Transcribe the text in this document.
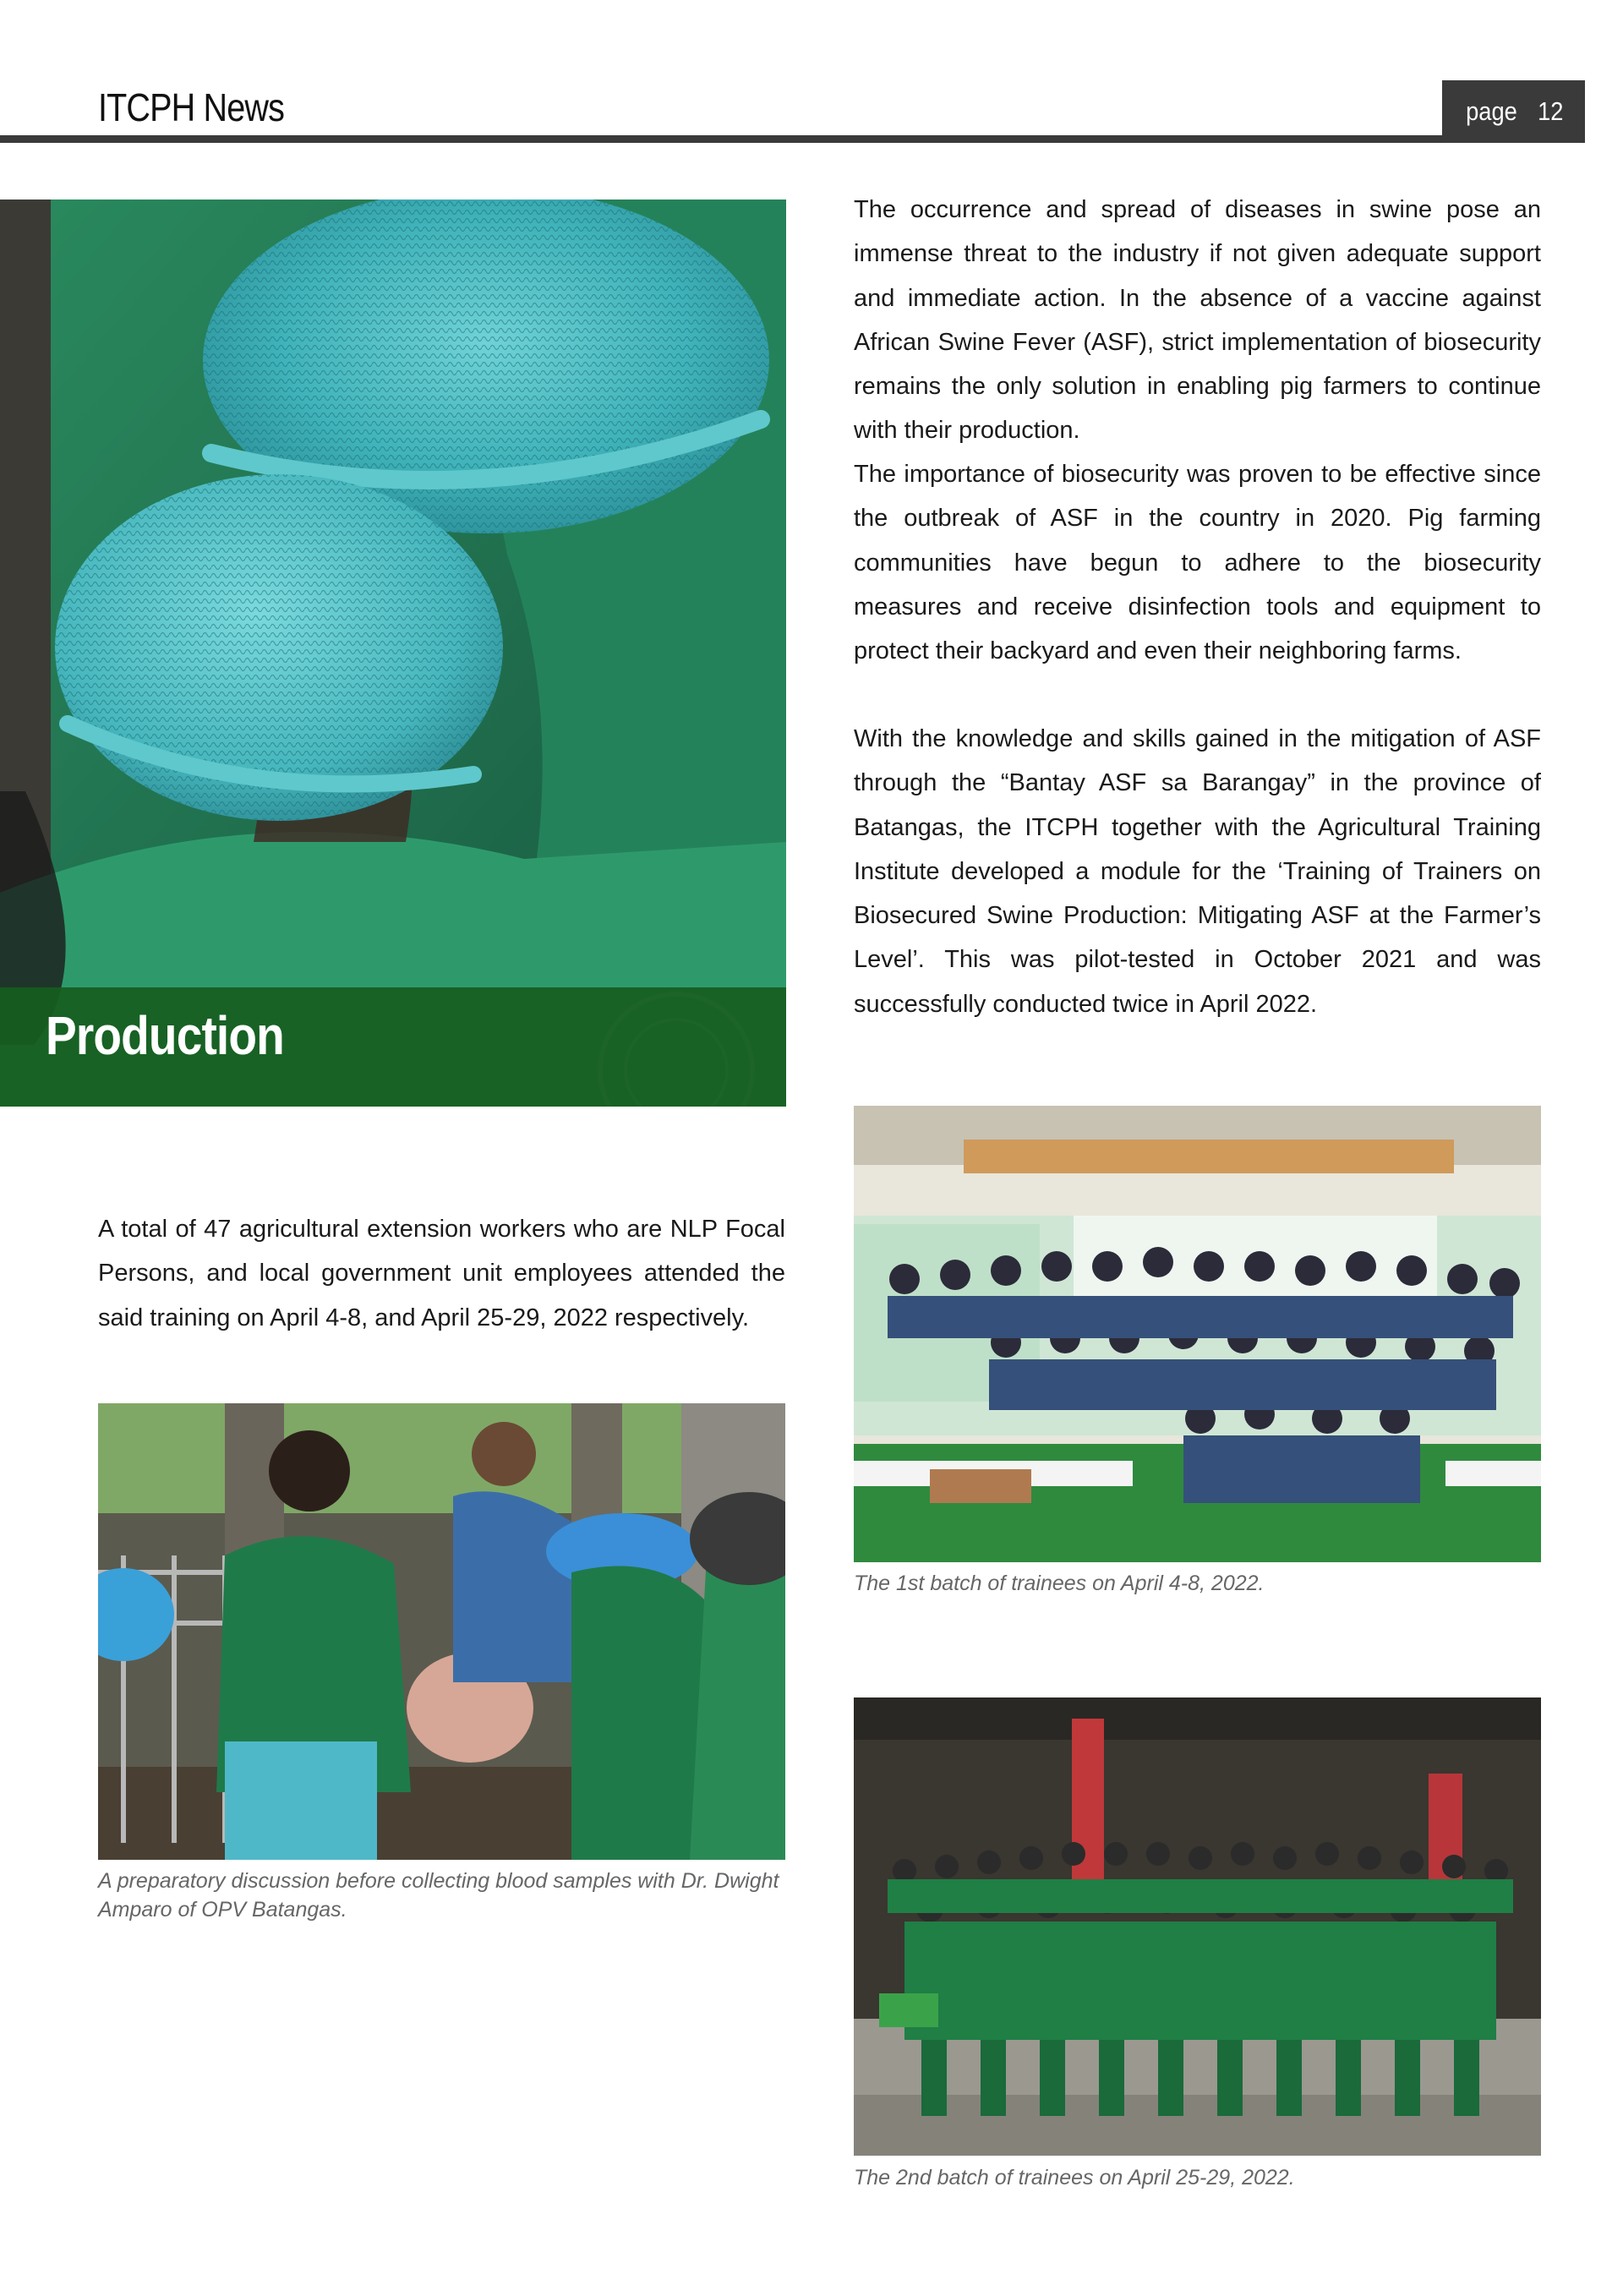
ITCPH News	page 12
Production
The occurrence and spread of diseases in swine pose an immense threat to the industry if not given adequate support and immediate action. In the absence of a vaccine against African Swine Fever (ASF), strict implementation of biosecurity remains the only solution in enabling pig farmers to continue with their production.
The importance of biosecurity was proven to be effective since the outbreak of ASF in the country in 2020. Pig farming communities have begun to adhere to the biosecurity measures and receive disinfection tools and equipment to protect their backyard and even their neighboring farms.
With the knowledge and skills gained in the mitigation of ASF through the “Bantay ASF sa Barangay” in the province of Batangas, the ITCPH together with the Agricultural Training Institute developed a module for the ‘Training of Trainers on Biosecured Swine Production: Mitigating ASF at the Farmer’s Level’. This was pilot-tested in October 2021 and was successfully conducted twice in April 2022.
A total of 47 agricultural extension workers who are NLP Focal Persons, and local government unit employees attended the said training on April 4-8, and April 25-29, 2022 respectively.
A preparatory discussion before collecting blood samples with Dr. Dwight Amparo of OPV Batangas.
The 1st batch of trainees on April 4-8, 2022.
The 2nd batch of trainees on April 25-29, 2022.
